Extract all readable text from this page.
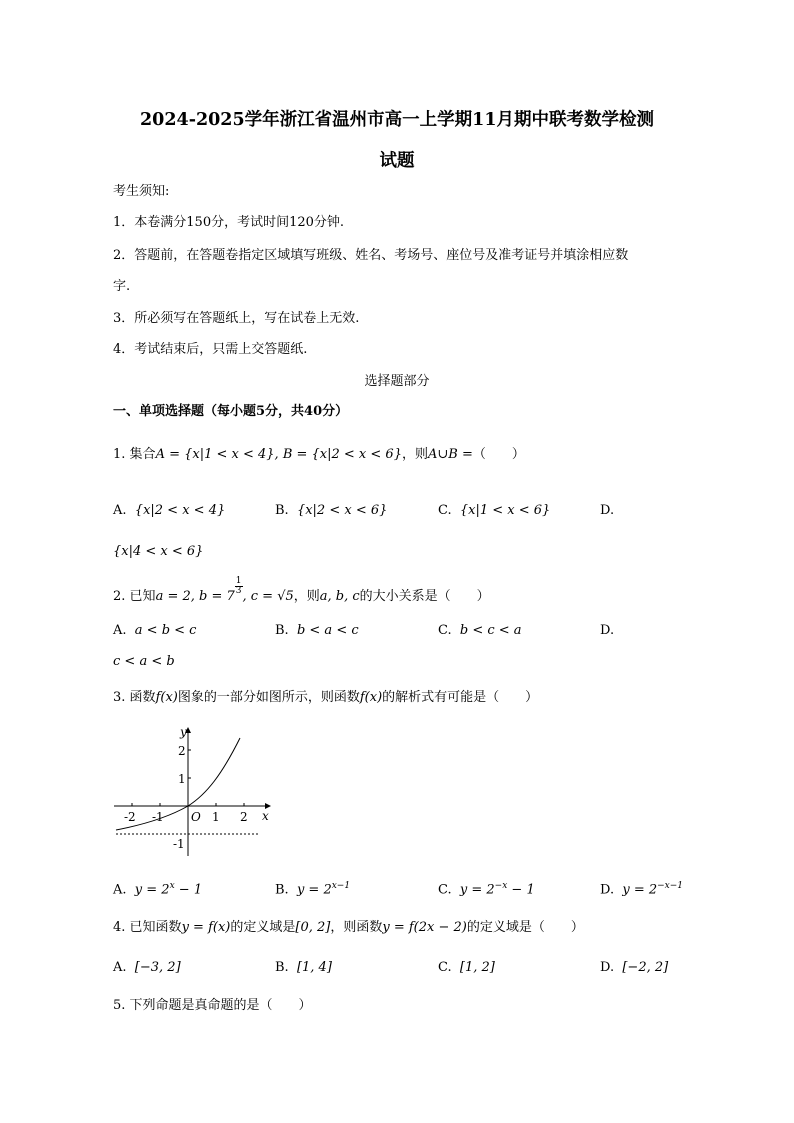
2024-2025学年浙江省温州市高一上学期11月期中联考数学检测
试题
考生须知:
1．本卷满分150分，考试时间120分钟.
2．答题前，在答题卷指定区域填写班级、姓名、考场号、座位号及准考证号并填涂相应数
字.
3．所必须写在答题纸上，写在试卷上无效.
4．考试结束后，只需上交答题纸.
选择题部分
一、单项选择题（每小题5分，共40分）
1. 集合A = {x|1 < x < 4}, B = {x|2 < x < 6}，则A∪B =（　　）
A. {x|2 < x < 4}	B. {x|2 < x < 6}	C. {x|1 < x < 6}	D.
{x|4 < x < 6}
2. 已知a = 2, b = 7
$\frac{1}{3}$
, c = √5，则a, b, c的大小关系是（　　）
A. a < b < c	B. b < a < c	C. b < c < a	D.
c < a < b
3. 函数f(x)图象的一部分如图所示，则函数f(x)的解析式有可能是（　　）
y
x
O
2
1
-1
-2 -1	1 2
A. $y = 2^x - 1$	B. $y = 2^{x-1}$	C. $y = 2^{-x} - 1$	D. $y = 2^{-x-1}$
4. 已知函数y = f(x)的定义域是[0, 2]，则函数y = f(2x − 2)的定义域是（　　）
A. [−3, 2]	B. [1, 4]	C. [1, 2]	D. [−2, 2]
5. 下列命题是真命题的是（　　）
